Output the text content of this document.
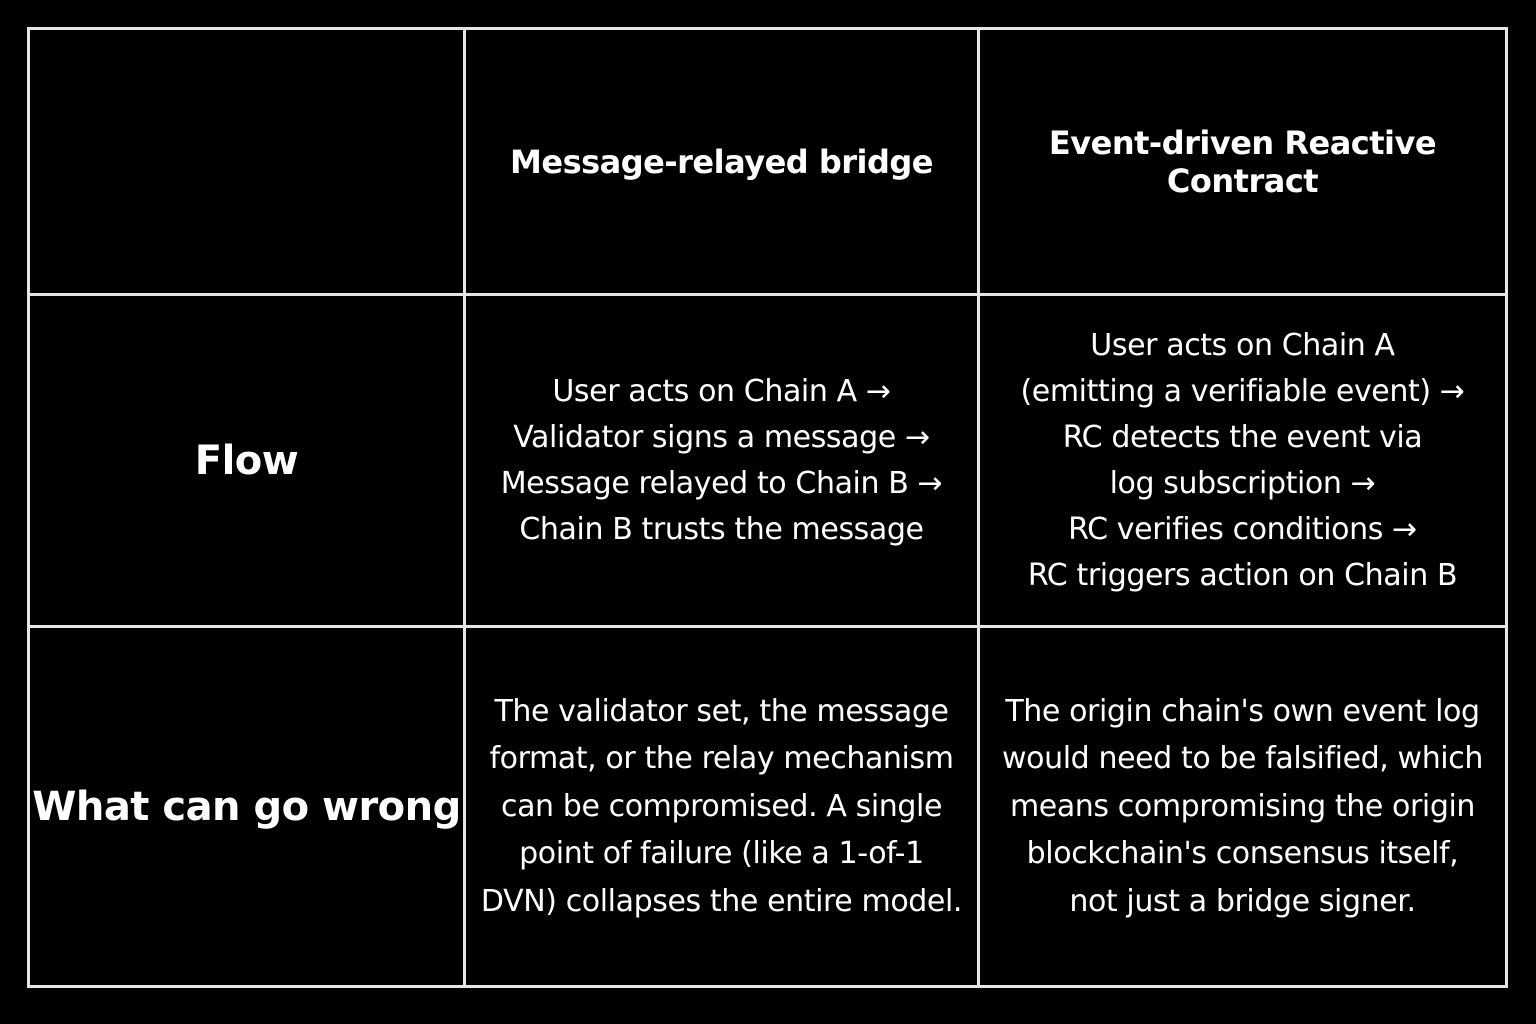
Message-relayed bridge	Event-driven Reactive Contract
Flow
User acts on Chain A →
Validator signs a message →
Message relayed to Chain B →
Chain B trusts the message
User acts on Chain A
(emitting a verifiable event) →
RC detects the event via
log subscription →
RC verifies conditions →
RC triggers action on Chain B
What can go wrong
The validator set, the message
format, or the relay mechanism
can be compromised. A single
point of failure (like a 1-of-1
DVN) collapses the entire model.
The origin chain's own event log
would need to be falsified, which
means compromising the origin
blockchain's consensus itself,
not just a bridge signer.
